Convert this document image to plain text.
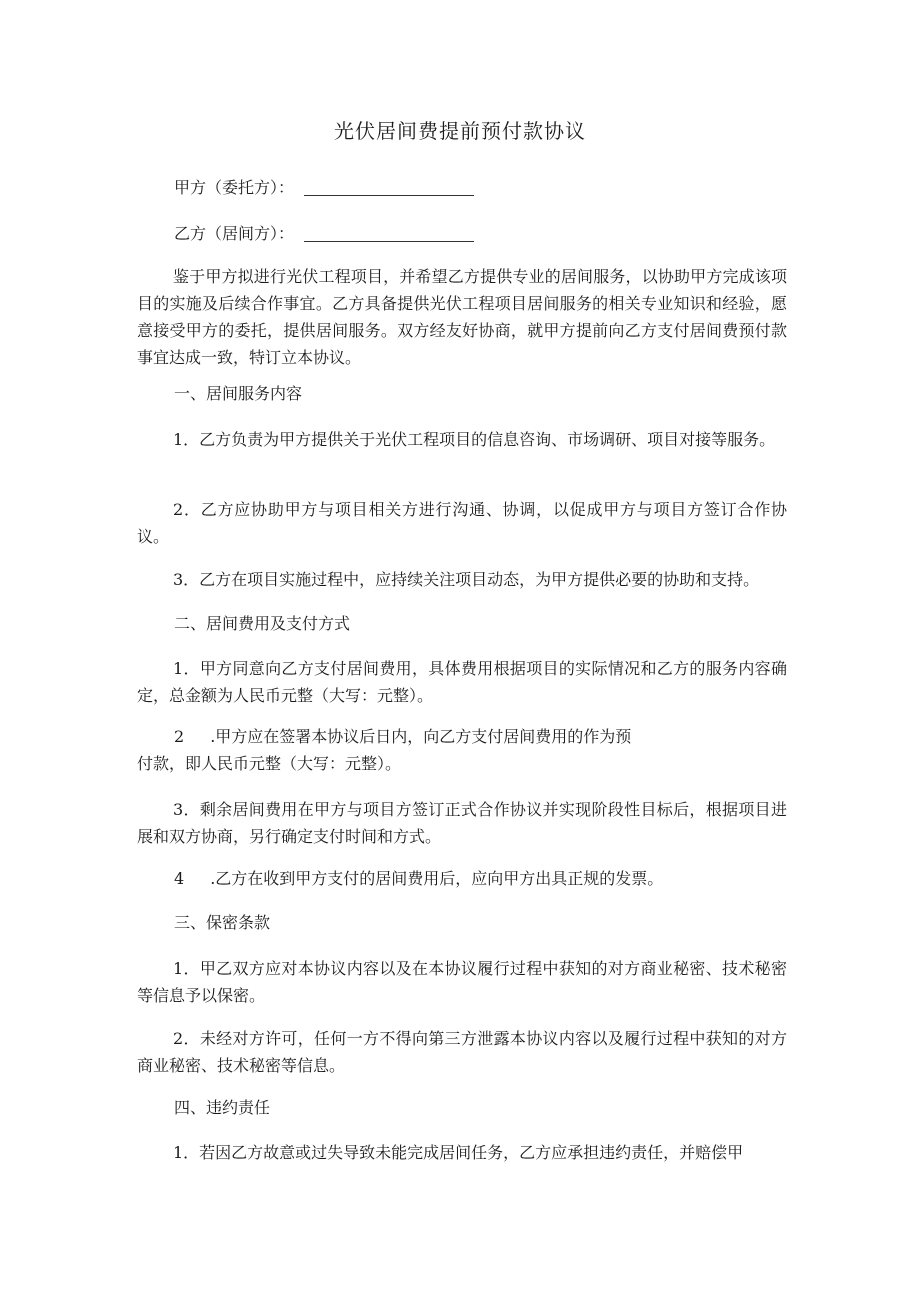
光伏居间费提前预付款协议
甲方（委托方）：
乙方（居间方）：

鉴于甲方拟进行光伏工程项目，并希望乙方提供专业的居间服务，以协助甲方完成该项目的实施及后续合作事宜。乙方具备提供光伏工程项目居间服务的相关专业知识和经验，愿意接受甲方的委托，提供居间服务。双方经友好协商，就甲方提前向乙方支付居间费预付款事宜达成一致，特订立本协议。

一、居间服务内容

1．乙方负责为甲方提供关于光伏工程项目的信息咨询、市场调研、项目对接等服务。

2．乙方应协助甲方与项目相关方进行沟通、协调，以促成甲方与项目方签订合作协议。

3．乙方在项目实施过程中，应持续关注项目动态，为甲方提供必要的协助和支持。

二、居间费用及支付方式

1．甲方同意向乙方支付居间费用，具体费用根据项目的实际情况和乙方的服务内容确定，总金额为人民币元整（大写：元整）。

2 .甲方应在签署本协议后日内，向乙方支付居间费用的作为预

付款，即人民币元整（大写：元整）。

3．剩余居间费用在甲方与项目方签订正式合作协议并实现阶段性目标后，根据项目进展和双方协商，另行确定支付时间和方式。

4 .乙方在收到甲方支付的居间费用后，应向甲方出具正规的发票。

三、保密条款

1．甲乙双方应对本协议内容以及在本协议履行过程中获知的对方商业秘密、技术秘密等信息予以保密。

2．未经对方许可，任何一方不得向第三方泄露本协议内容以及履行过程中获知的对方商业秘密、技术秘密等信息。

四、违约责任

1．若因乙方故意或过失导致未能完成居间任务，乙方应承担违约责任，并赔偿甲
